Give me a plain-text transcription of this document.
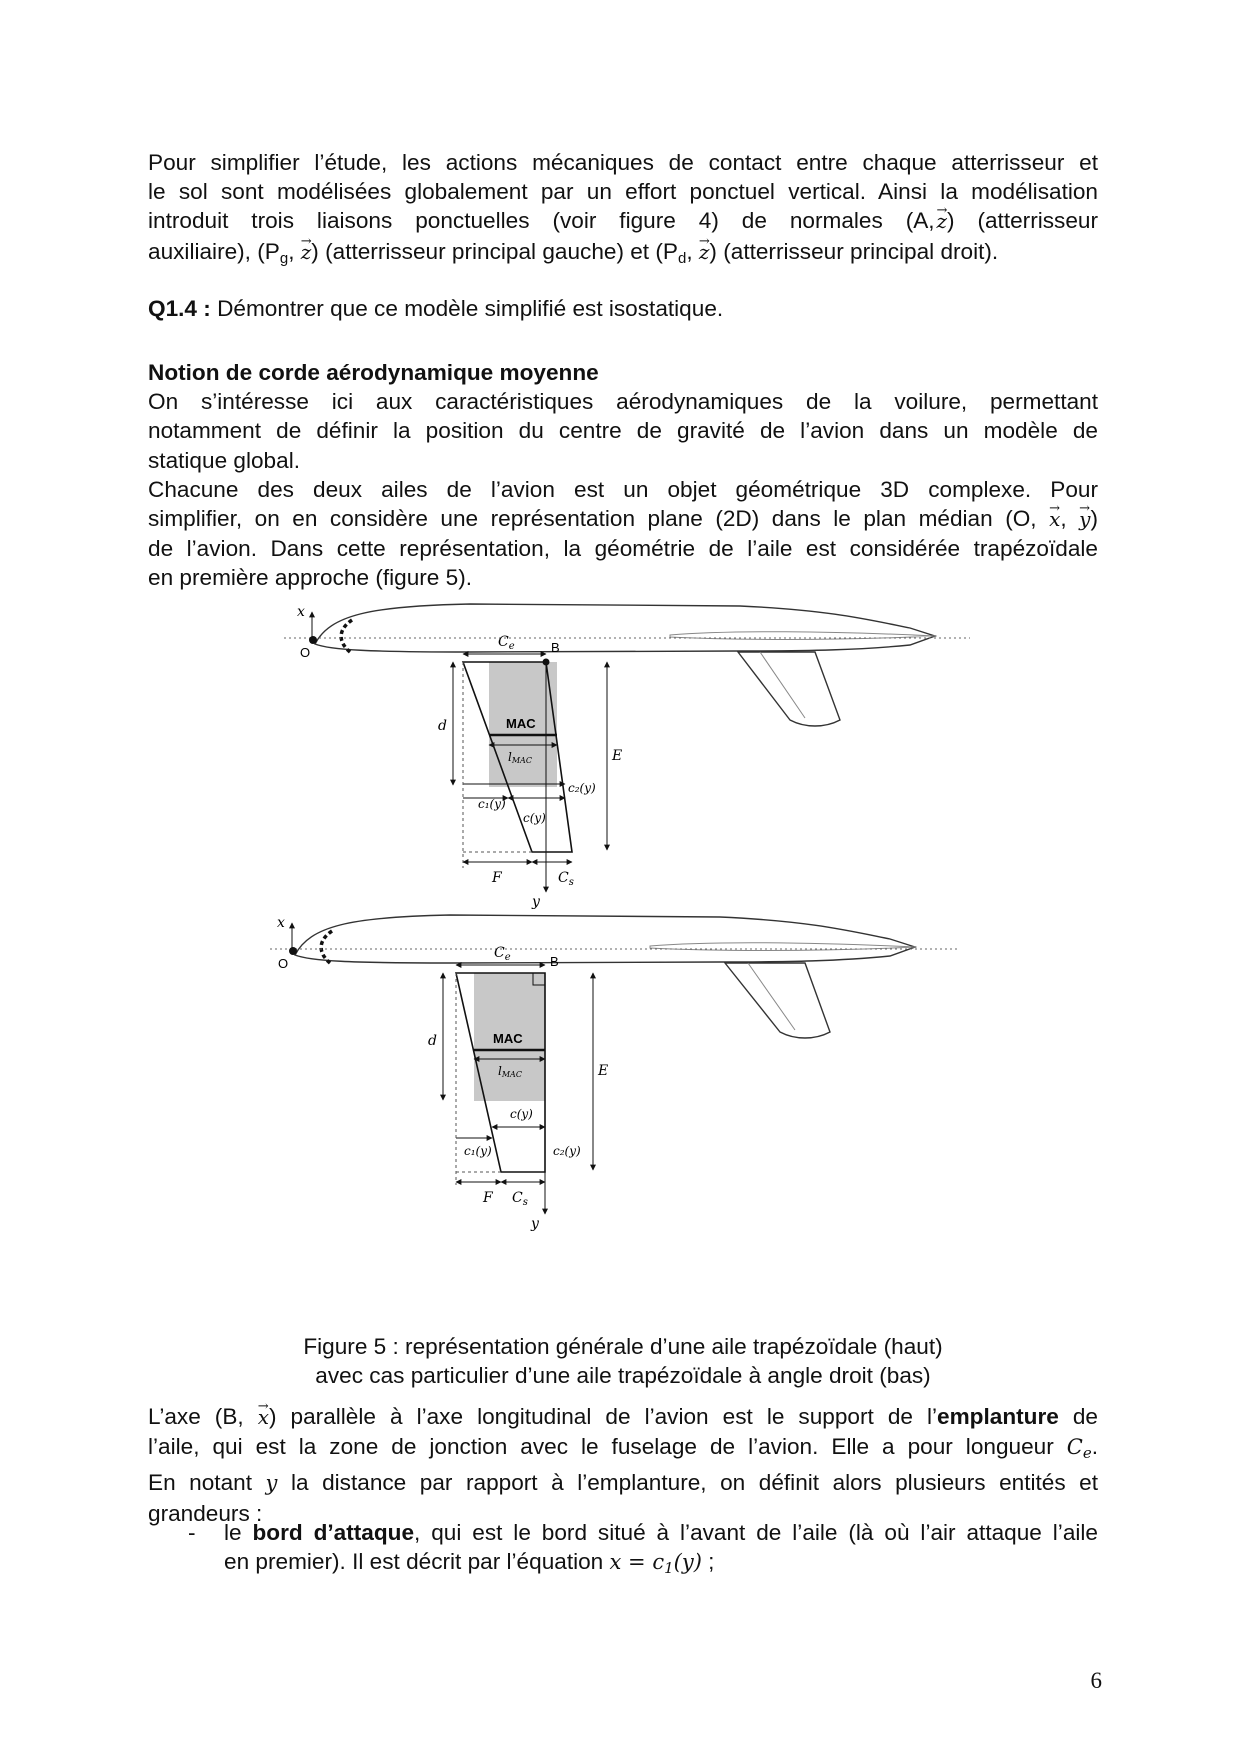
Pour simplifier l’étude, les actions mécaniques de contact entre chaque atterrisseur et

le sol sont modélisées globalement par un effort ponctuel vertical. Ainsi la modélisation

introduit trois liaisons ponctuelles (voir figure 4) de normales (A, z →) (atterrisseur

auxiliaire), ($P_g$, z →) (atterrisseur principal gauche) et ($P_d$, z →) (atterrisseur principal droit).

Q1.4 : Démontrer que ce modèle simplifié est isostatique.

Notion de corde aérodynamique moyenne

On s’intéresse ici aux caractéristiques aérodynamiques de la voilure, permettant

notamment de définir la position du centre de gravité de l’avion dans un modèle de

statique global.

Chacune des deux ailes de l’avion est un objet géométrique 3D complexe. Pour

simplifier, on en considère une représentation plane (2D) dans le plan médian (O, x →, y →)

de l’avion. Dans cette représentation, la géométrie de l’aile est considérée trapézoïdale

en première approche (figure 5).

x
O	B
$C_e$
d	MAC
lMAC	E
c₁(y)
c₂(y)
c(y)
F	$C_s$
y
x
O	B
$C_e$
d	MAC
lMAC	E
c(y)
c₁(y)	c₂(y)
F $C_s$
y
Figure 5 : représentation générale d’une aile trapézoïdale (haut)
avec cas particulier d’une aile trapézoïdale à angle droit (bas)

L’axe (B, x →) parallèle à l’axe longitudinal de l’avion est le support de l’emplanture de

l’aile, qui est la zone de jonction avec le fuselage de l’avion. Elle a pour longueur $C_e$.

En notant y la distance par rapport à l’emplanture, on définit alors plusieurs entités et

grandeurs :

- le bord d’attaque, qui est le bord situé à l’avant de l’aile (là où l’air attaque l’aile

en premier). Il est décrit par l’équation $x = c_1(y)$ ;

6
